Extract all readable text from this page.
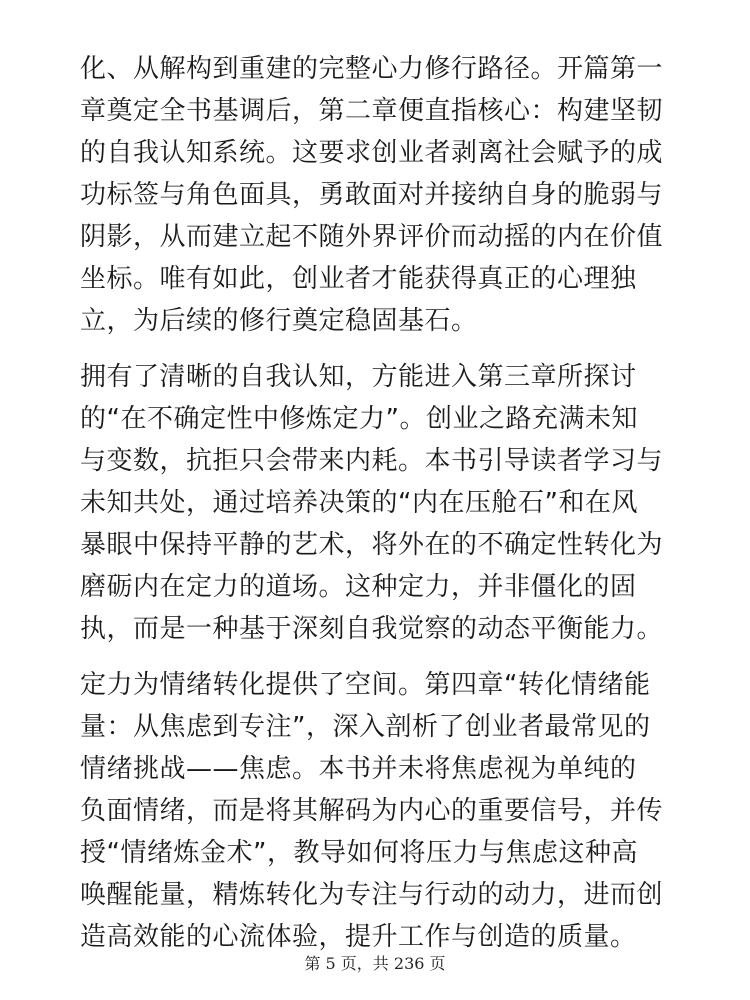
化、从解构到重建的完整心力修行路径。开篇第一
章奠定全书基调后，第二章便直指核心：构建坚韧
的自我认知系统。这要求创业者剥离社会赋予的成
功标签与角色面具，勇敢面对并接纳自身的脆弱与
阴影，从而建立起不随外界评价而动摇的内在价值
坐标。唯有如此，创业者才能获得真正的心理独
立，为后续的修行奠定稳固基石。

拥有了清晰的自我认知，方能进入第三章所探讨
的“在不确定性中修炼定力”。创业之路充满未知
与变数，抗拒只会带来内耗。本书引导读者学习与
未知共处，通过培养决策的“内在压舱石”和在风
暴眼中保持平静的艺术，将外在的不确定性转化为
磨砺内在定力的道场。这种定力，并非僵化的固
执，而是一种基于深刻自我觉察的动态平衡能力。

定力为情绪转化提供了空间。第四章“转化情绪能
量：从焦虑到专注”，深入剖析了创业者最常见的
情绪挑战——焦虑。本书并未将焦虑视为单纯的
负面情绪，而是将其解码为内心的重要信号，并传
授“情绪炼金术”，教导如何将压力与焦虑这种高
唤醒能量，精炼转化为专注与行动的动力，进而创
造高效能的心流体验，提升工作与创造的质量。

第 5 页，共 236 页
